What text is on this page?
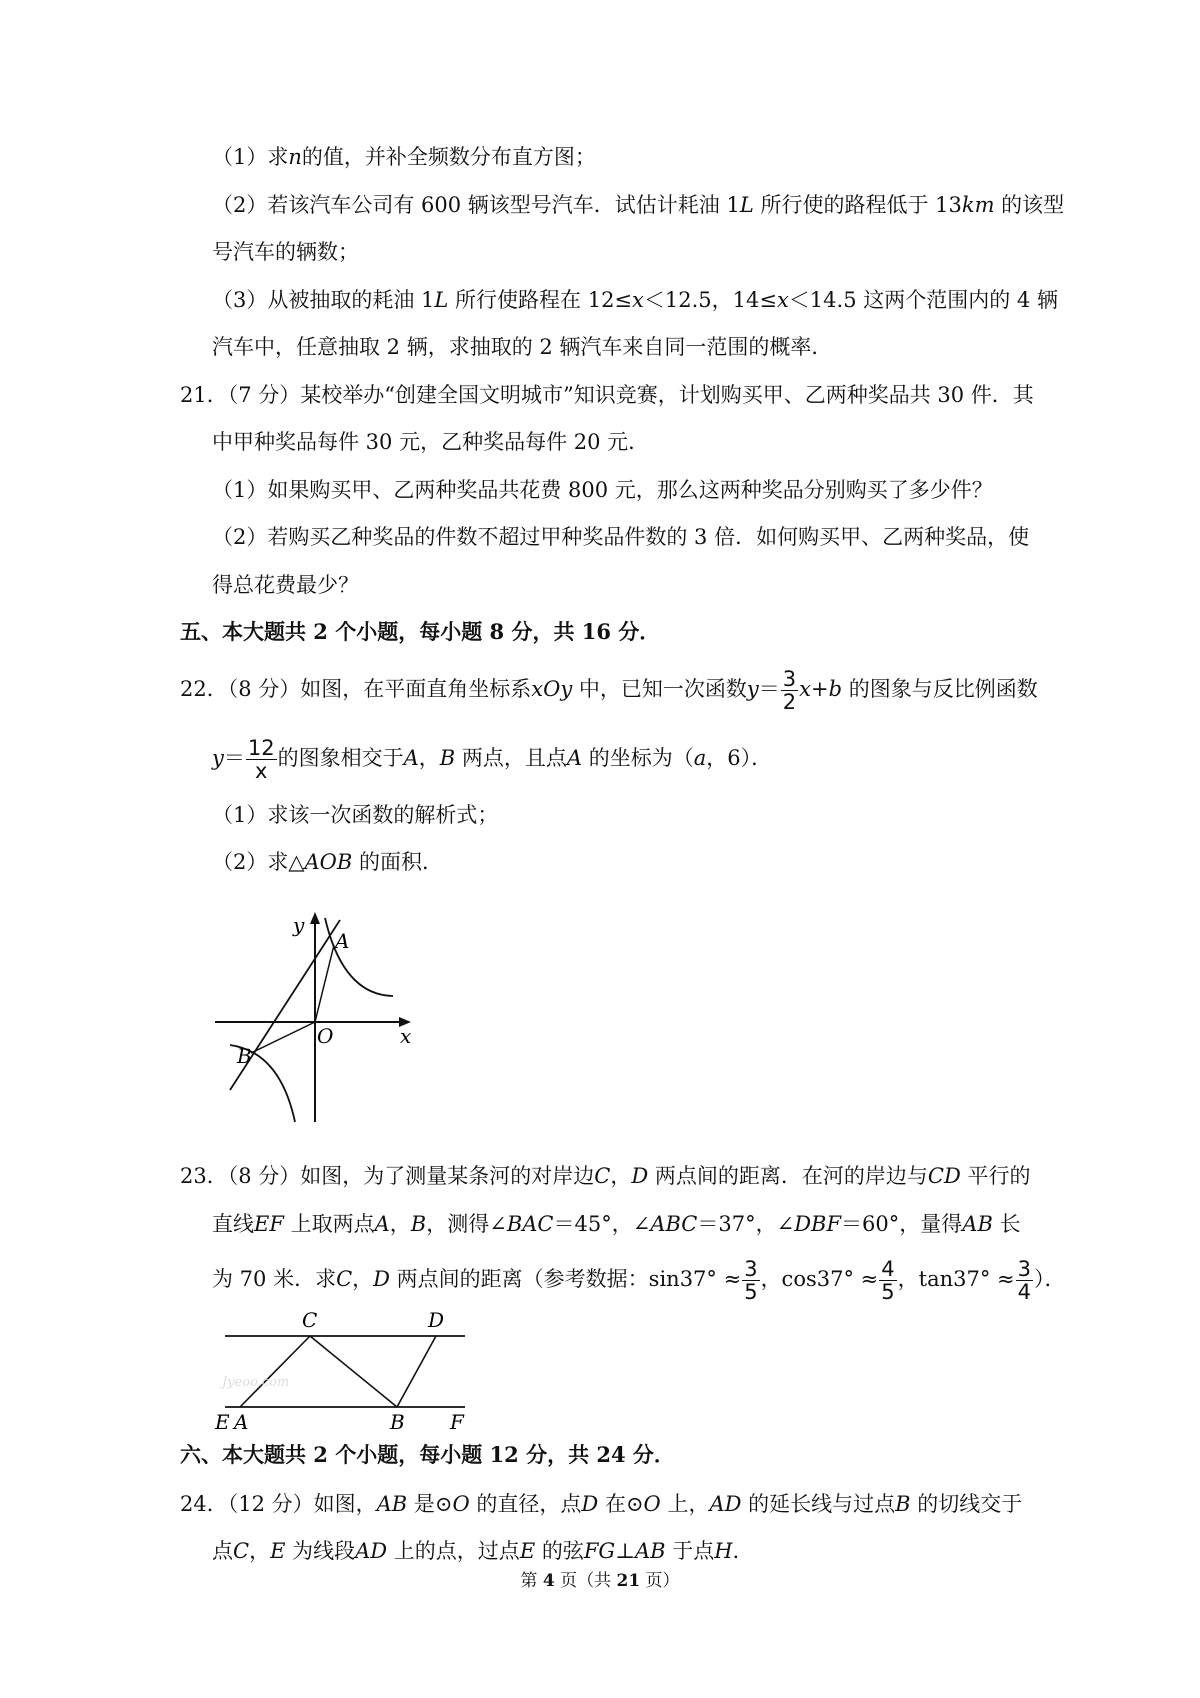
（1）求n的值，并补全频数分布直方图；
（2）若该汽车公司有 600 辆该型号汽车．试估计耗油 1L 所行使的路程低于 13km 的该型
号汽车的辆数；
（3）从被抽取的耗油 1L 所行使路程在 12≤x＜12.5，14≤x＜14.5 这两个范围内的 4 辆
汽车中，任意抽取 2 辆，求抽取的 2 辆汽车来自同一范围的概率．
21．（7 分）某校举办“创建全国文明城市”知识竞赛，计划购买甲、乙两种奖品共 30 件．其
中甲种奖品每件 30 元，乙种奖品每件 20 元．
（1）如果购买甲、乙两种奖品共花费 800 元，那么这两种奖品分别购买了多少件？
（2）若购买乙种奖品的件数不超过甲种奖品件数的 3 倍．如何购买甲、乙两种奖品，使
得总花费最少？
五、本大题共 2 个小题，每小题 8 分，共 16 分．
22．（8 分）如图，在平面直角坐标系xOy 中，已知一次函数$y= \frac{3}{2} x+b$ 的图象与反比例函数
$y= \frac{12}{x}$ 的图象相交于A，B 两点，且点A 的坐标为（a，6）．
（1）求该一次函数的解析式；
（2）求△AOB 的面积．
y
A
O	x
B
23．（8 分）如图，为了测量某条河的对岸边C，D 两点间的距离．在河的岸边与CD 平行的
直线EF 上取两点A，B，测得∠BAC＝45°，∠ABC＝37°，∠DBF＝60°，量得AB 长
为 70 米．求C，D 两点间的距离（参考数据：$\sin 37^\circ \approx \frac{3}{5}$ ，$\cos 37^\circ \approx \frac{4}{5}$ ，$\tan 37^\circ \approx \frac{3}{4}$ ）．
Jyeoo.com
C	D
E A	B F
六、本大题共 2 个小题，每小题 12 分，共 24 分．
24．（12 分）如图，AB 是⊙O 的直径，点D 在⊙O 上，AD 的延长线与过点B 的切线交于
点C，E 为线段AD 上的点，过点E 的弦FG⊥AB 于点H．
第 4 页（共 21 页）
